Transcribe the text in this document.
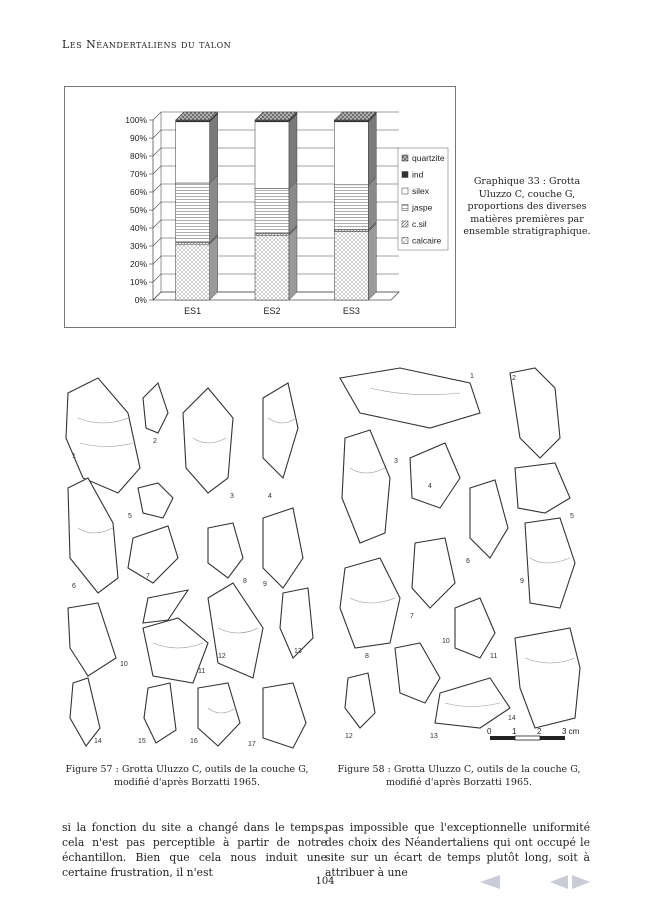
Les Néandertaliens du talon
0%
10%
20%
30%
40%
50%
60%
70%
80%
90%
100%
ES1	ES2	ES3
quartzite
ind
silex
jaspe
c.sil
calcaire
Graphique 33 : Grotta Uluzzo C, couche G, proportions des diverses matières premières par ensemble stratigraphique.
1
2
3	4
5
6
7
8 9
10
11
12
13
14	15	16	17
1	2
3
4
5
6
7
8
9
10
11
12	13
14
0	1	2	3 cm
Figure 57 : Grotta Uluzzo C, outils de la couche G, modifié d'après Borzatti 1965.
Figure 58 : Grotta Uluzzo C, outils de la couche G, modifié d'après Borzatti 1965.
si la fonction du site a changé dans le temps, cela n'est pas perceptible à partir de notre échantillon. Bien que cela nous induit une certaine frustration, il n'est
pas impossible que l'exceptionnelle uniformité des choix des Néandertaliens qui ont occupé le site sur un écart de temps plutôt long, soit à attribuer à une
104
